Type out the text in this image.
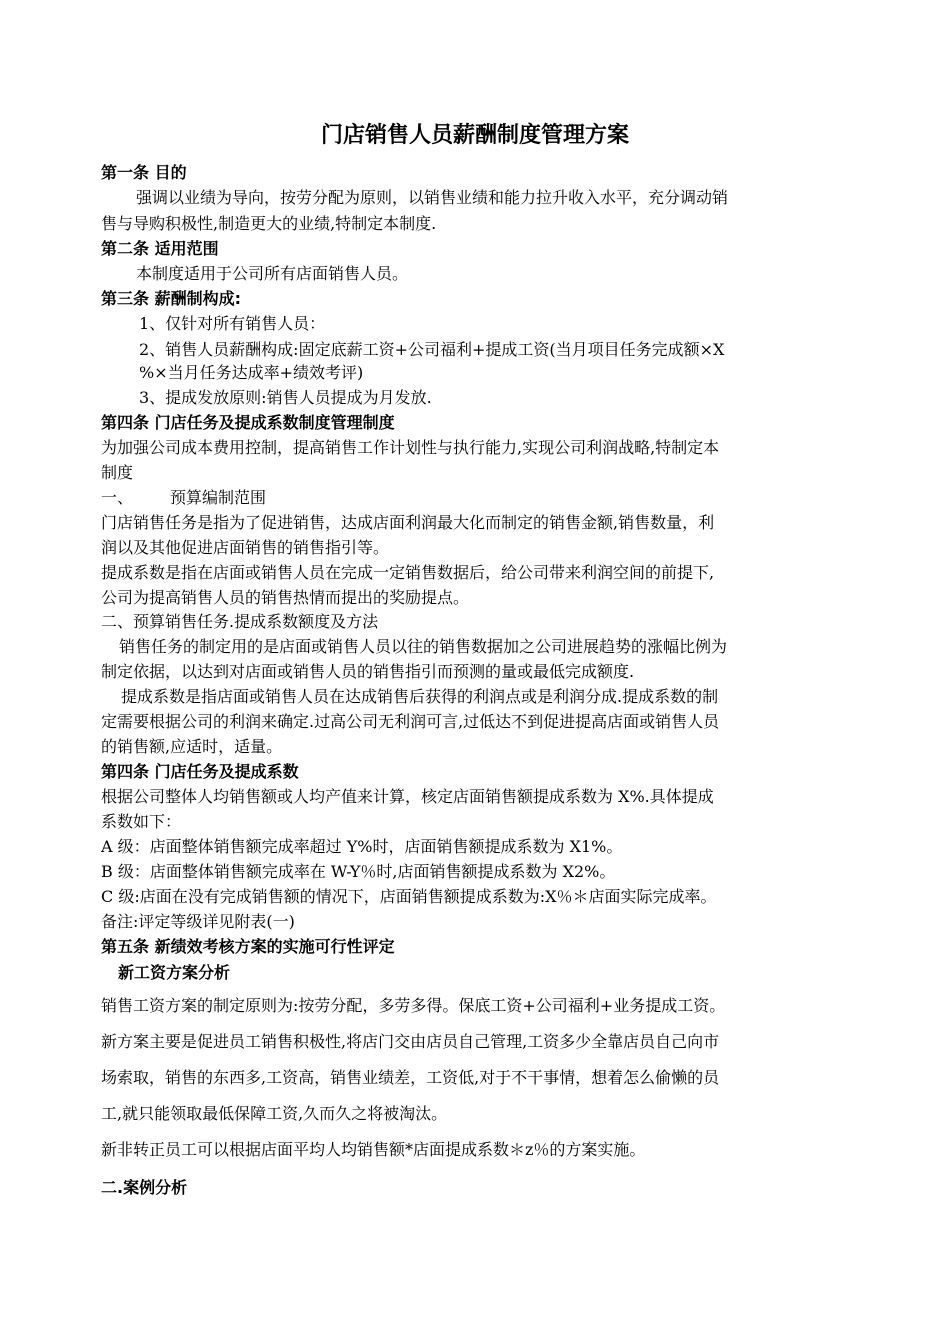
门店销售人员薪酬制度管理方案
第一条 目的
强调以业绩为导向，按劳分配为原则，以销售业绩和能力拉升收入水平，充分调动销
售与导购积极性,制造更大的业绩,特制定本制度.
第二条 适用范围
本制度适用于公司所有店面销售人员。
第三条 薪酬制构成:
1、仅针对所有销售人员：
2、销售人员薪酬构成:固定底薪工资+公司福利+提成工资(当月项目任务完成额×X
%×当月任务达成率+绩效考评)
3、提成发放原则:销售人员提成为月发放.
第四条 门店任务及提成系数制度管理制度
为加强公司成本费用控制，提高销售工作计划性与执行能力,实现公司利润战略,特制定本
制度
一、	预算编制范围
门店销售任务是指为了促进销售，达成店面利润最大化而制定的销售金额,销售数量，利
润以及其他促进店面销售的销售指引等。
提成系数是指在店面或销售人员在完成一定销售数据后，给公司带来利润空间的前提下,
公司为提高销售人员的销售热情而提出的奖励提点。
二、预算销售任务.提成系数额度及方法
销售任务的制定用的是店面或销售人员以往的销售数据加之公司进展趋势的涨幅比例为
制定依据，以达到对店面或销售人员的销售指引而预测的量或最低完成额度.
提成系数是指店面或销售人员在达成销售后获得的利润点或是利润分成.提成系数的制
定需要根据公司的利润来确定.过高公司无利润可言,过低达不到促进提高店面或销售人员
的销售额,应适时，适量。
第四条 门店任务及提成系数
根据公司整体人均销售额或人均产值来计算，核定店面销售额提成系数为 X%.具体提成
系数如下：
A 级：店面整体销售额完成率超过 Y%时，店面销售额提成系数为 X1%。
B 级：店面整体销售额完成率在 W-Y％时,店面销售额提成系数为 X2%。
C 级:店面在没有完成销售额的情况下，店面销售额提成系数为:X％＊店面实际完成率。
备注:评定等级详见附表(一)
第五条 新绩效考核方案的实施可行性评定
新工资方案分析
销售工资方案的制定原则为:按劳分配，多劳多得。保底工资+公司福利+业务提成工资。
新方案主要是促进员工销售积极性,将店门交由店员自己管理,工资多少全靠店员自己向市
场索取，销售的东西多,工资高，销售业绩差，工资低,对于不干事情，想着怎么偷懒的员
工,就只能领取最低保障工资,久而久之将被淘汰。
新非转正员工可以根据店面平均人均销售额*店面提成系数＊z％的方案实施。
二.案例分析
